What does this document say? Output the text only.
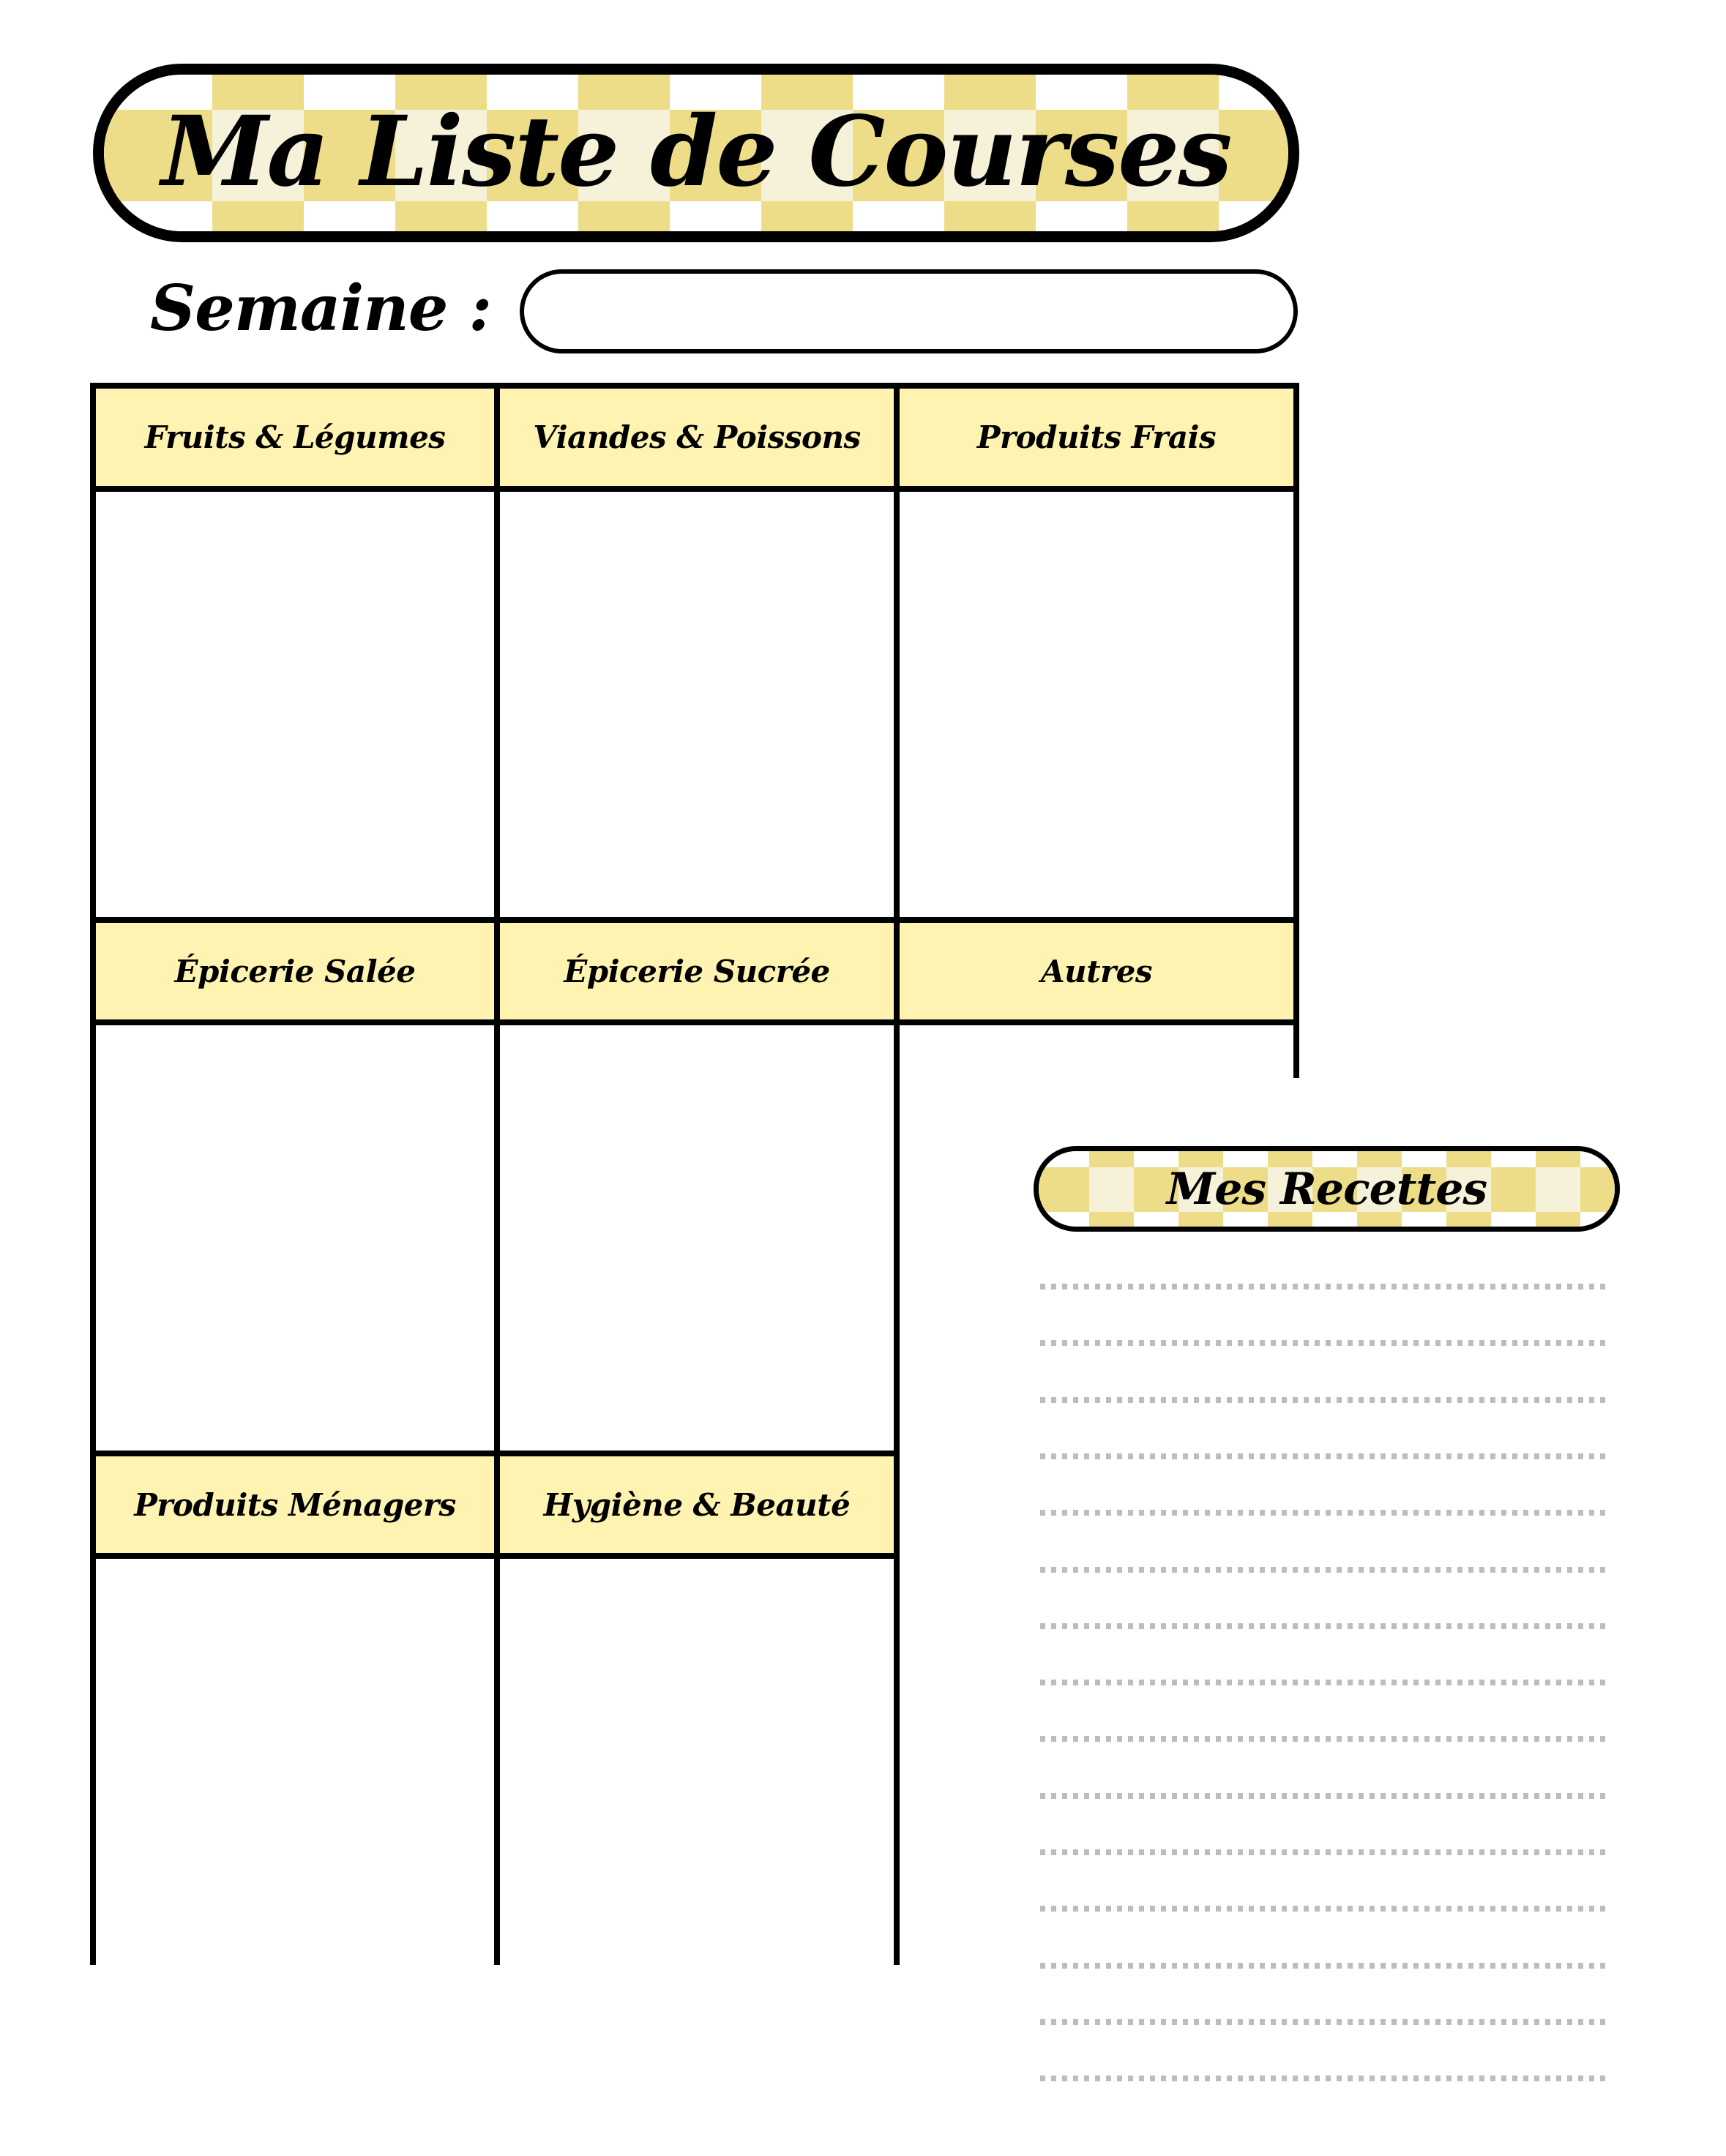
Ma Liste de Courses
Semaine :
Fruits & Légumes	Viandes & Poissons	Produits Frais
Épicerie Salée	Épicerie Sucrée	Autres
Produits Ménagers	Hygiène & Beauté
Mes Recettes
